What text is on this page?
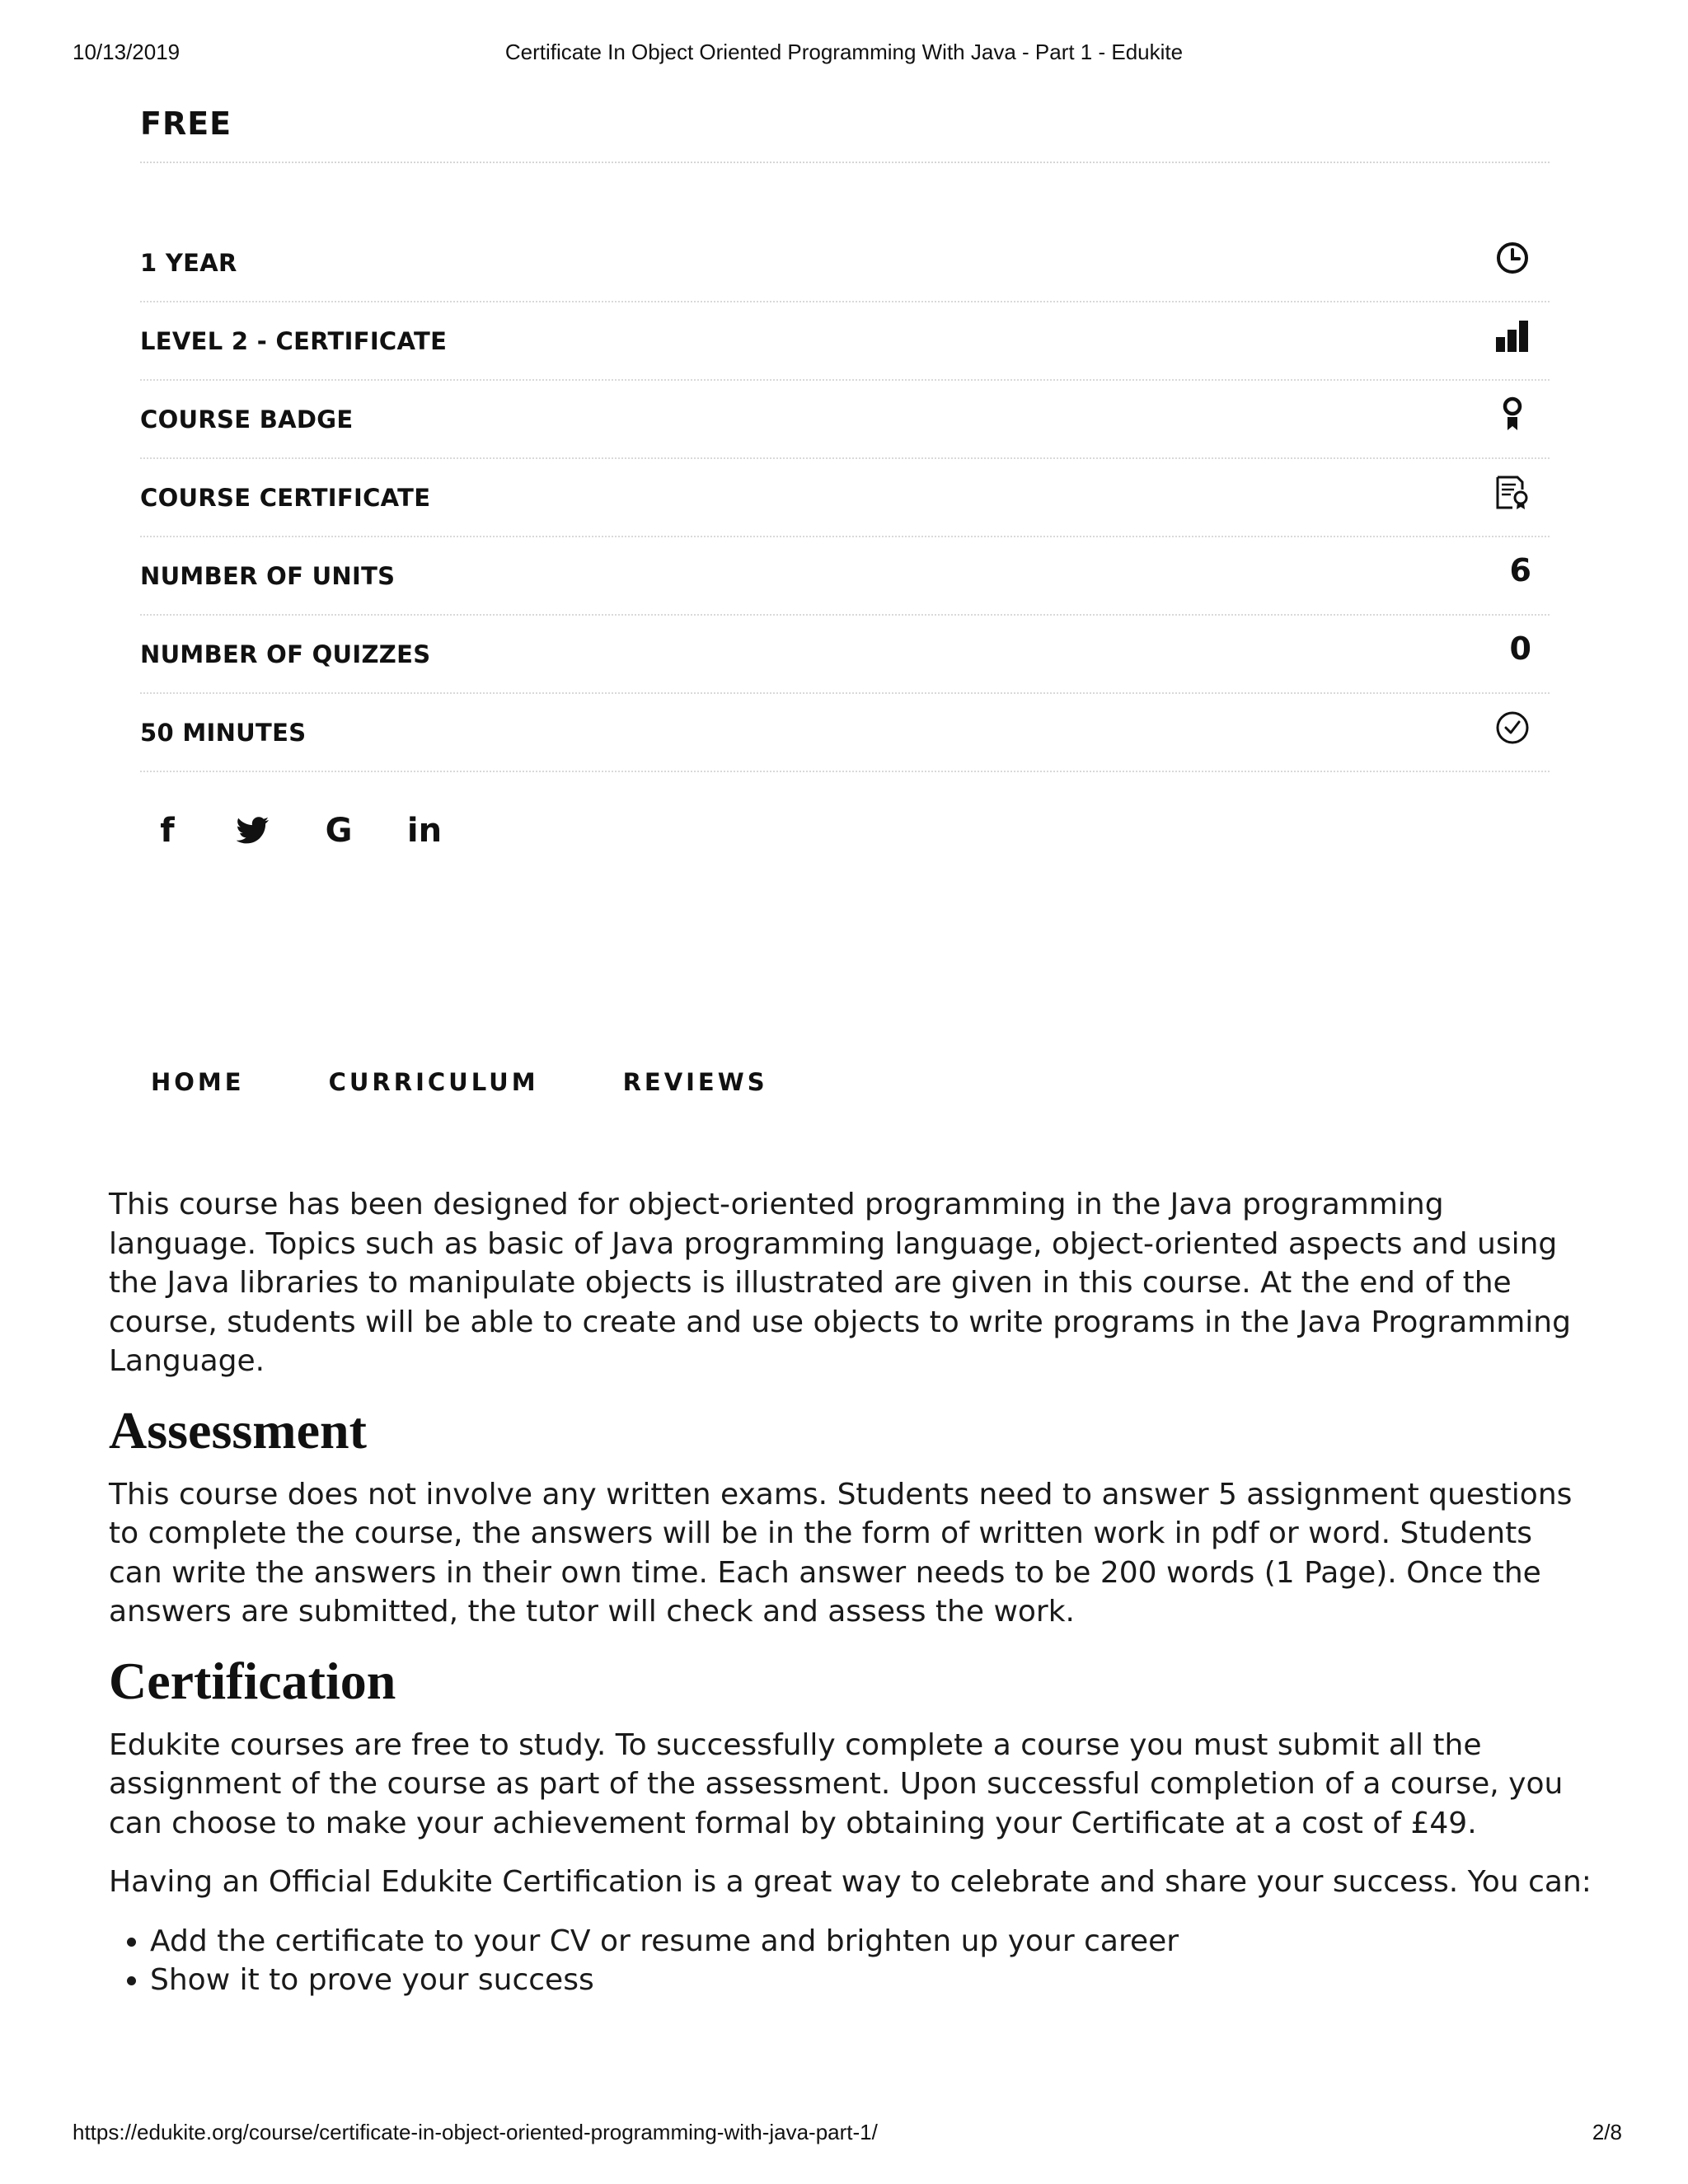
10/13/2019	Certificate In Object Oriented Programming With Java - Part 1 - Edukite
FREE
1 YEAR
LEVEL 2 - CERTIFICATE
COURSE BADGE
COURSE CERTIFICATE
NUMBER OF UNITS	6
NUMBER OF QUIZZES	0
50 MINUTES
f	G in
HOME	CURRICULUM	REVIEWS

This course has been designed for object-oriented programming in the Java programming language. Topics such as basic of Java programming language, object-oriented aspects and using the Java libraries to manipulate objects is illustrated are given in this course. At the end of the course, students will be able to create and use objects to write programs in the Java Programming Language.

Assessment

This course does not involve any written exams. Students need to answer 5 assignment questions to complete the course, the answers will be in the form of written work in pdf or word. Students can write the answers in their own time. Each answer needs to be 200 words (1 Page). Once the answers are submitted, the tutor will check and assess the work.

Certification

Edukite courses are free to study. To successfully complete a course you must submit all the assignment of the course as part of the assessment. Upon successful completion of a course, you can choose to make your achievement formal by obtaining your Certificate at a cost of £49.

Having an Official Edukite Certification is a great way to celebrate and share your success. You can:

• Add the certificate to your CV or resume and brighten up your career
• Show it to prove your success
https://edukite.org/course/certificate-in-object-oriented-programming-with-java-part-1/	2/8
